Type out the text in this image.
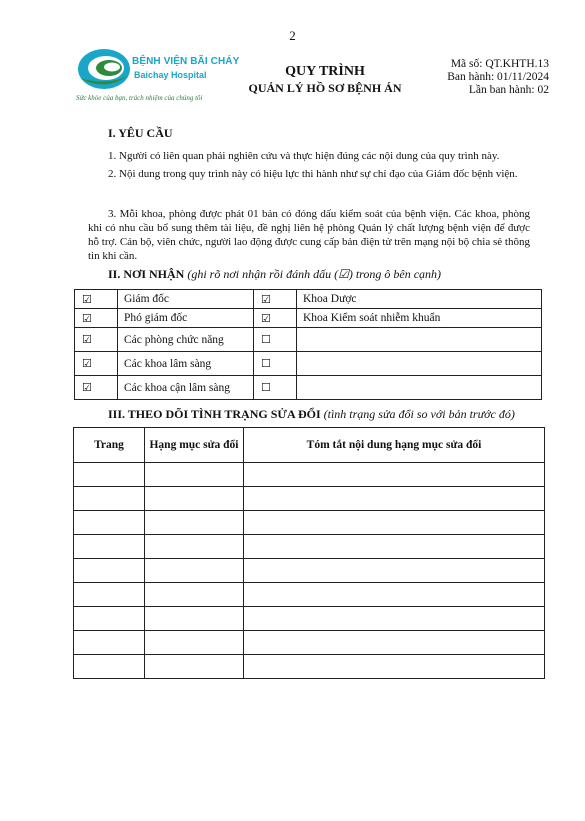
2
BỆNH VIỆN BÃI CHÁY
Baichay Hospital
Sức khỏe của bạn, trách nhiệm của chúng tôi
QUY TRÌNH
QUẢN LÝ HỒ SƠ BỆNH ÁN
Mã số: QT.KHTH.13
Ban hành: 01/11/2024
Lần ban hành: 02
I. YÊU CẦU
1. Người có liên quan phải nghiên cứu và thực hiện đúng các nội dung của quy trình này.
2. Nội dung trong quy trình này có hiệu lực thi hành như sự chỉ đạo của Giám đốc bệnh viện.
3. Mỗi khoa, phòng được phát 01 bản có đóng dấu kiểm soát của bệnh viện. Các khoa, phòng khi có nhu cầu bổ sung thêm tài liệu, đề nghị liên hệ phòng Quản lý chất lượng bệnh viện để được hỗ trợ. Cán bộ, viên chức, người lao động được cung cấp bản điện tử trên mạng nội bộ chia sẻ thông tin khi cần.
II. NƠI NHẬN (ghi rõ nơi nhận rồi đánh dấu (☑) trong ô bên cạnh)
☑	Giám đốc	☑	Khoa Dược
☑	Phó giám đốc	☑	Khoa Kiểm soát nhiễm khuẩn
☑	Các phòng chức năng	☐	
☑	Các khoa lâm sàng	☐	
☑	Các khoa cận lâm sàng	☐	
III. THEO DÕI TÌNH TRẠNG SỬA ĐỔI (tình trạng sửa đổi so với bản trước đó)
Trang	Hạng mục sửa đổi	Tóm tắt nội dung hạng mục sửa đổi
